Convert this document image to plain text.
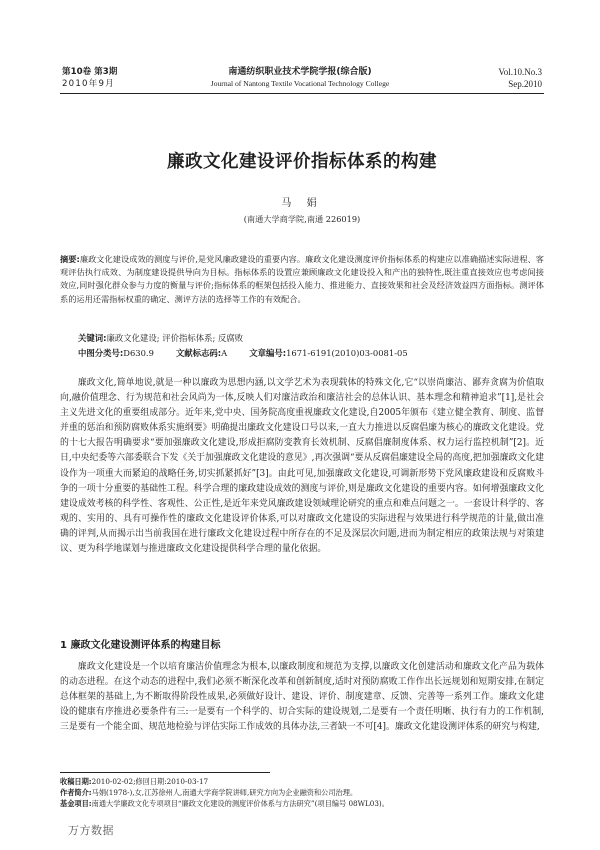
第10卷 第3期
2010年9月
南通纺织职业技术学院学报(综合版)
Journal of Nantong Textile Vocational Technology College
Vol.10.No.3
Sep.2010
廉政文化建设评价指标体系的构建
马 娟
(南通大学商学院,南通 226019)
摘要:廉政文化建设成效的测度与评价,是党风廉政建设的重要内容。廉政文化建设测度评价指标体系的构建应以准确描述实际进程、客观评估执行成效、为制度建设提供导向为目标。指标体系的设置应兼顾廉政文化建设投入和产出的独特性,既注重直接效应也考虑间接效应,同时强化群众参与力度的衡量与评价;指标体系的框架包括投入能力、推进能力、直接效果和社会及经济效益四方面指标。测评体系的运用还需指标权重的确定、测评方法的选择等工作的有效配合。
关键词:廉政文化建设; 评价指标体系; 反腐败
中图分类号:D630.9	文献标志码:A	文章编号:1671-6191(2010)03-0081-05

廉政文化,简单地说,就是一种以廉政为思想内涵,以文学艺术为表现载体的特殊文化,它“以崇尚廉洁、鄙弃贪腐为价值取向,融价值理念、行为规范和社会风尚为一体,反映人们对廉洁政治和廉洁社会的总体认识、基本理念和精神追求”[1],是社会主义先进文化的重要组成部分。近年来,党中央、国务院高度重视廉政文化建设,自2005年颁布《建立健全教育、制度、监督并重的惩治和预防腐败体系实施纲要》明确提出廉政文化建设口号以来,一直大力推进以反腐倡廉为核心的廉政文化建设。党的十七大报告明确要求“要加强廉政文化建设,形成拒腐防变教育长效机制、反腐倡廉制度体系、权力运行监控机制”[2]。近日,中央纪委等六部委联合下发《关于加强廉政文化建设的意见》,再次强调“要从反腐倡廉建设全局的高度,把加强廉政文化建设作为一项重大而紧迫的战略任务,切实抓紧抓好”[3]。由此可见,加强廉政文化建设,可调新形势下党风廉政建设和反腐败斗争的一项十分重要的基础性工程。科学合理的廉政建设成效的测度与评价,则是廉政文化建设的重要内容。如何增强廉政文化建设成效考核的科学性、客观性、公正性,是近年来党风廉政建设领域理论研究的重点和难点问题之一。一套设计科学的、客观的、实用的、具有可操作性的廉政文化建设评价体系,可以对廉政文化建设的实际进程与效果进行科学规范的计量,做出准确的评判,从而揭示出当前我国在进行廉政文化建设过程中所存在的不足及深层次问题,进而为制定相应的政策法规与对策建议、更为科学地谋划与推进廉政文化建设提供科学合理的量化依据。

1 廉政文化建设测评体系的构建目标

廉政文化建设是一个以培育廉洁价值理念为根本,以廉政制度和规范为支撑,以廉政文化创建活动和廉政文化产品为载体的动态进程。在这个动态的进程中,我们必须不断深化改革和创新制度,适时对预防腐败工作作出长远规划和短期安排,在制定总体框架的基础上,为不断取得阶段性成果,必须做好设计、建设、评价、制度建章、反馈、完善等一系列工作。廉政文化建设的健康有序推进必要条件有三:一是要有一个科学的、切合实际的建设规划,二是要有一个责任明晰、执行有力的工作机制,三是要有一个能全面、规范地检验与评估实际工作成效的具体办法,三者缺一不可[4]。廉政文化建设测评体系的研究与构建,

收稿日期:2010-02-02;修回日期:2010-03-17
作者简介:马娟(1978-),女,江苏徐州人,南通大学商学院讲师,研究方向为企业融资和公司治理。
基金项目:南通大学廉政文化专项项目“廉政文化建设的测度评价体系与方法研究”(项目编号 08WL03)。
万方数据
